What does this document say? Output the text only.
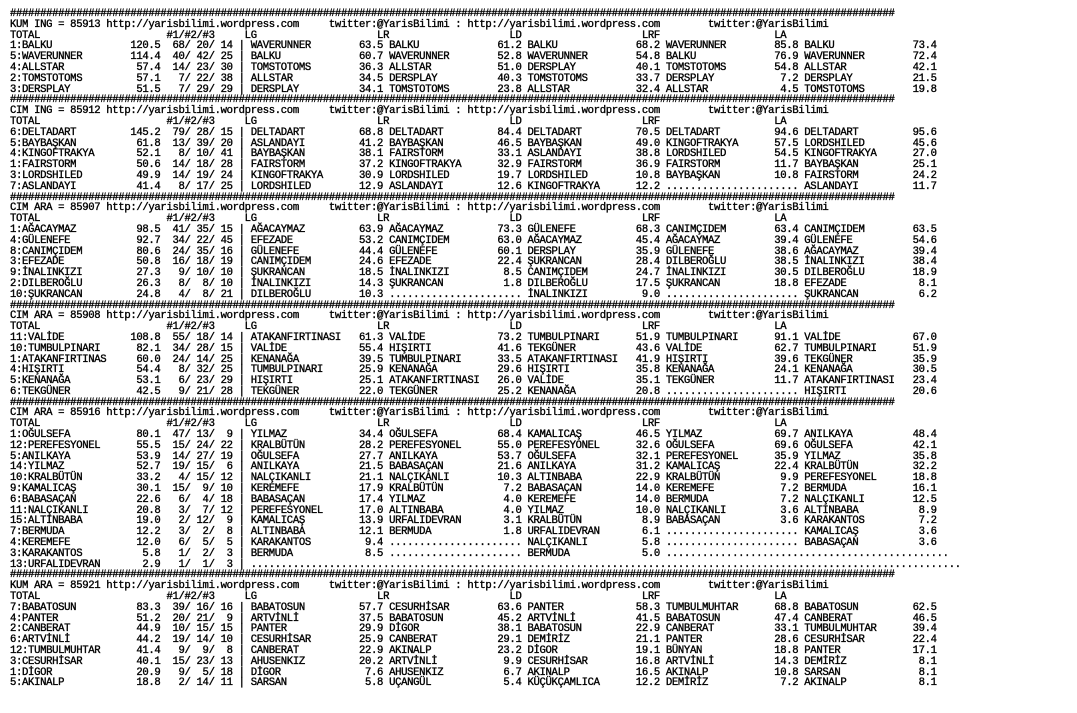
###################################################################################################################################################
KUM ING = 85913 http://yarisbilimi.wordpress.com     twitter:@YarisBilimi : http://yarisbilimi.wordpress.com        twitter:@YarisBilimi
TOTAL                     #1/#2/#3     LG                    LR                    LD                    LRF                   LA
1:BALKU             120.5  68/ 20/ 14 | WAVERUNNER        63.5 BALKU             61.2 BALKU             68.2 WAVERUNNER        85.8 BALKU             73.4
5:WAVERUNNER        114.4  40/ 42/ 25 | BALKU             60.7 WAVERUNNER        52.8 WAVERUNNER        54.8 BALKU             76.9 WAVERUNNER        72.4
4:ALLSTAR            57.4  14/ 23/ 30 | TOMSTOTOMS        36.3 ALLSTAR           51.0 DERSPLAY          40.1 TOMSTOTOMS        54.8 ALLSTAR           42.1
2:TOMSTOTOMS         57.1   7/ 22/ 38 | ALLSTAR           34.5 DERSPLAY          40.3 TOMSTOTOMS        33.7 DERSPLAY           7.2 DERSPLAY          21.5
3:DERSPLAY           51.5   7/ 29/ 29 | DERSPLAY          34.1 TOMSTOTOMS        23.8 ALLSTAR           32.4 ALLSTAR            4.5 TOMSTOTOMS        19.8
###################################################################################################################################################
CIM ING = 85912 http://yarisbilimi.wordpress.com     twitter:@YarisBilimi : http://yarisbilimi.wordpress.com        twitter:@YarisBilimi
TOTAL                     #1/#2/#3     LG                    LR                    LD                    LRF                   LA
6:DELTADART         145.2  79/ 28/ 15 | DELTADART         68.8 DELTADART         84.4 DELTADART         70.5 DELTADART         94.6 DELTADART         95.6
5:BAYBAŞKAN          61.8  13/ 39/ 20 | ASLANDAYI         41.2 BAYBAŞKAN         46.5 BAYBAŞKAN         49.0 KINGOFTRAKYA      57.5 LORDSHILED        45.6
4:KINGOFTRAKYA       52.1   8/ 10/ 41 | BAYBAŞKAN         38.1 FAIRSTORM         33.1 ASLANDAYI         38.8 LORDSHILED        54.5 KINGOFTRAKYA      27.0
1:FAIRSTORM          50.6  14/ 18/ 28 | FAIRSTORM         37.2 KINGOFTRAKYA      32.9 FAIRSTORM         36.9 FAIRSTORM         11.7 BAYBAŞKAN         25.1
3:LORDSHILED         49.9  14/ 19/ 24 | KINGOFTRAKYA      30.9 LORDSHILED        19.7 LORDSHILED        10.8 BAYBAŞKAN         10.8 FAIRSTORM         24.2
7:ASLANDAYI          41.4   8/ 17/ 25 | LORDSHILED        12.9 ASLANDAYI         12.6 KINGOFTRAKYA      12.2 ...................... ASLANDAYI         11.7
###################################################################################################################################################
CIM ARA = 85907 http://yarisbilimi.wordpress.com     twitter:@YarisBilimi : http://yarisbilimi.wordpress.com        twitter:@YarisBilimi
TOTAL                     #1/#2/#3     LG                    LR                    LD                    LRF                   LA
1:AĞACAYMAZ          98.5  41/ 35/ 15 | AĞACAYMAZ         63.9 AĞACAYMAZ         73.3 GÜLENEFE          68.3 CANIMÇIDEM        63.4 CANIMÇIDEM        63.5
4:GÜLENEFE           92.7  34/ 22/ 45 | EFEZADE           53.2 CANIMÇIDEM        63.0 AĞACAYMAZ         45.4 AĞACAYMAZ         39.4 GÜLENEFE          54.6
8:CANIMÇIDEM         80.6  24/ 35/ 16 | GÜLENEFE          44.4 GÜLENEFE          60.1 DERSPLAY          35.9 GÜLENEFE          38.6 AĞACAYMAZ         39.4
3:EFEZADE            50.8  16/ 18/ 19 | CANIMÇIDEM        24.6 EFEZADE           22.4 ŞUKRANCAN         28.4 DILBEROĞLU        38.5 İNALINKIZI        38.4
9:İNALINKIZI         27.3   9/ 10/ 10 | ŞUKRANCAN         18.5 İNALINKIZI         8.5 CANIMÇIDEM        24.7 İNALINKIZI        30.5 DILBEROĞLU        18.9
2:DILBEROĞLU         26.3   8/  8/ 10 | İNALINKIZI        14.3 ŞUKRANCAN          1.8 DILBEROĞLU        17.5 ŞUKRANCAN         18.8 EFEZADE            8.1
10:ŞUKRANCAN         24.8   4/  8/ 21 | DILBEROĞLU        10.3 ...................... İNALINKIZI         9.0 ...................... ŞUKRANCAN          6.2
###################################################################################################################################################
CIM ARA = 85908 http://yarisbilimi.wordpress.com     twitter:@YarisBilimi : http://yarisbilimi.wordpress.com        twitter:@YarisBilimi
TOTAL                     #1/#2/#3     LG                    LR                    LD                    LRF                   LA
11:VALİDE           108.8  55/ 18/ 14 | ATAKANFIRTINASI   61.3 VALİDE            73.2 TUMBULPINARI      51.9 TUMBULPINARI      91.1 VALİDE            67.0
10:TUMBULPINARI      82.1  34/ 28/ 15 | VALİDE            55.4 HIŞIRTI           41.6 TEKGÜNER          43.6 VALİDE            62.7 TUMBULPINARI      51.9
1:ATAKANFIRTINAS     60.0  24/ 14/ 25 | KENANAĞA          39.5 TUMBULPINARI      33.5 ATAKANFIRTINASI   41.9 HIŞIRTI           39.6 TEKGÜNER          35.9
4:HIŞIRTI            54.4   8/ 32/ 25 | TUMBULPINARI      25.9 KENANAĞA          29.6 HIŞIRTI           35.8 KENANAĞA          24.1 KENANAĞA          30.5
5:KENANAĞA           53.1   6/ 23/ 29 | HIŞIRTI           25.1 ATAKANFIRTINASI   26.0 VALİDE            35.1 TEKGÜNER          11.7 ATAKANFIRTINASI   23.4
6:TEKGÜNER           42.5   9/ 21/ 28 | TEKGÜNER          22.0 TEKGÜNER          25.2 KENANAĞA          20.8 ...................... HIŞIRTI           20.6
###################################################################################################################################################
CIM ARA = 85916 http://yarisbilimi.wordpress.com     twitter:@YarisBilimi : http://yarisbilimi.wordpress.com        twitter:@YarisBilimi
TOTAL                     #1/#2/#3     LG                    LR                    LD                    LRF                   LA
1:OĞULSEFA           80.1  47/ 13/  9 | YILMAZ            34.4 OĞULSEFA          68.4 KAMALICAŞ         46.5 YILMAZ            69.7 ANILKAYA          48.4
12:PEREFESYONEL      55.5  15/ 24/ 22 | KRALBÜTÜN         28.2 PEREFESYONEL      55.0 PEREFESYONEL      32.6 OĞULSEFA          69.6 OĞULSEFA          42.1
5:ANILKAYA           53.9  14/ 27/ 19 | OĞULSEFA          27.7 ANILKAYA          53.7 OĞULSEFA          32.1 PEREFESYONEL      35.9 YILMAZ            35.8
14:YILMAZ            52.7  19/ 15/  6 | ANILKAYA          21.5 BABASAÇAN         21.6 ANILKAYA          31.2 KAMALICAŞ         22.4 KRALBÜTÜN         32.2
10:KRALBÜTÜN         33.2   4/ 15/ 12 | NALÇIKANLI        21.1 NALÇIKANLI        10.3 ALTINBABA         22.9 KRALBÜTÜN          9.9 PEREFESYONEL      18.8
9:KAMALICAŞ          30.1  15/  9/ 10 | KEREMEFE          17.9 KRALBÜTÜN          7.2 BABASAÇAN         14.0 KEREMEFE           7.2 BERMUDA           16.1
6:BABASAÇAN          22.6   6/  4/ 18 | BABASAÇAN         17.4 YILMAZ             4.0 KEREMEFE          14.0 BERMUDA            7.2 NALÇIKANLI        12.5
11:NALÇIKANLI        20.8   3/  7/ 12 | PEREFESYONEL      17.0 ALTINBABA          4.0 YILMAZ            10.0 NALÇIKANLI         3.6 ALTINBABA          8.9
15:ALTINBABA         19.0   2/ 12/  9 | KAMALICAŞ         13.9 URFALIDEVRAN       3.1 KRALBÜTÜN          8.9 BABASAÇAN          3.6 KARAKANTOS         7.2
7:BERMUDA            12.2   3/  2/  8 | ALTINBABA         12.1 BERMUDA            1.8 URFALIDEVRAN       6.1 ...................... KAMALICAŞ          3.6
4:KEREMEFE           12.0   6/  5/  5 | KARAKANTOS         9.4 ...................... NALÇIKANLI         5.8 ...................... BABASAÇAN          3.6
3:KARAKANTOS          5.8   1/  2/  3 | BERMUDA            8.5 ...................... BERMUDA            5.0 ...............................................
13:URFALIDEVRAN       2.9   1/  1/  3 | ......................................................................................................................
###################################################################################################################################################
KUM ARA = 85921 http://yarisbilimi.wordpress.com     twitter:@YarisBilimi : http://yarisbilimi.wordpress.com        twitter:@YarisBilimi
TOTAL                     #1/#2/#3     LG                    LR                    LD                    LRF                   LA
7:BABATOSUN          83.3  39/ 16/ 16 | BABATOSUN         57.7 CESURHİSAR        63.6 PANTER            58.3 TUMBULMUHTAR      68.8 BABATOSUN         62.5
4:PANTER             51.2  20/ 21/  9 | ARTVİNLİ          37.5 BABATOSUN         45.2 ARTVİNLİ          41.5 BABATOSUN         47.4 CANBERAT          46.5
2:CANBERAT           44.9  10/ 15/ 15 | PANTER            29.9 DİGOR             38.1 BABATOSUN         22.9 CANBERAT          33.1 TUMBULMUHTAR      39.4
6:ARTVİNLİ           44.2  19/ 14/ 10 | CESURHİSAR        25.9 CANBERAT          29.1 DEMİRİZ           21.1 PANTER            28.6 CESURHİSAR        22.4
12:TUMBULMUHTAR      41.4   9/  9/  8 | CANBERAT          22.9 AKINALP           23.2 DİGOR             19.1 BÜNYAN            18.8 PANTER            17.1
3:CESURHİSAR         40.1  15/ 23/ 13 | AHUSENKIZ         20.2 ARTVİNLİ           9.9 CESURHİSAR        16.8 ARTVİNLİ          14.3 DEMİRİZ            8.1
1:DİGOR              20.9   9/  5/ 18 | DİGOR              7.6 AHUSENKIZ          6.7 AKINALP           16.5 AKINALP           10.8 SARSAN             8.1
5:AKINALP            18.8   2/ 14/ 11 | SARSAN             5.8 UÇANGÜL            5.4 KÜÇÜKÇAMLICA      12.2 DEMİRİZ            7.2 AKINALP            8.1
